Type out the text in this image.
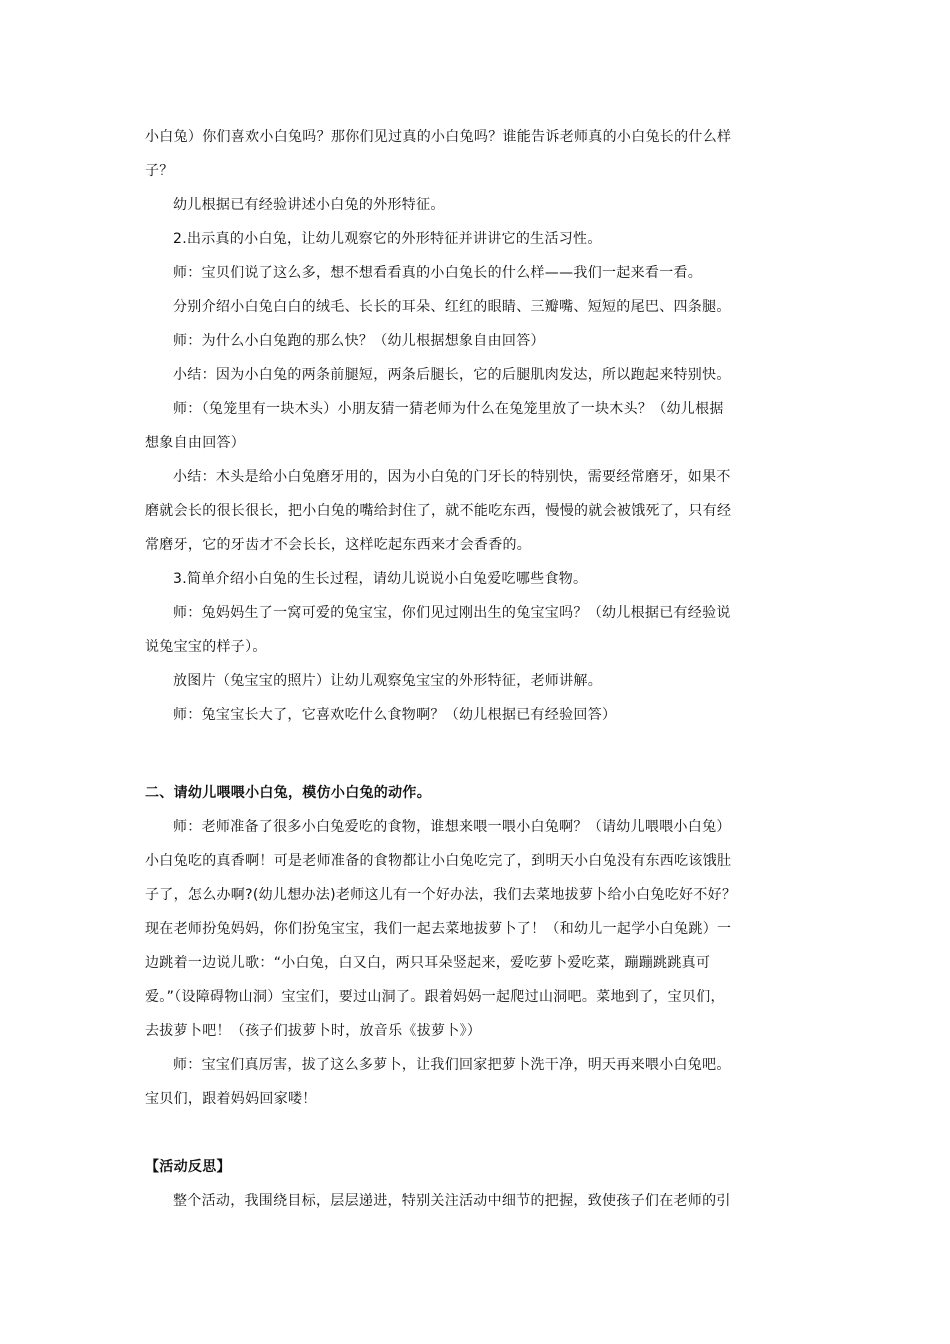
小白兔）你们喜欢小白兔吗？那你们见过真的小白兔吗？谁能告诉老师真的小白兔长的什么样
子？
幼儿根据已有经验讲述小白兔的外形特征。
2.出示真的小白兔，让幼儿观察它的外形特征并讲讲它的生活习性。
师：宝贝们说了这么多，想不想看看真的小白兔长的什么样——我们一起来看一看。
分别介绍小白兔白白的绒毛、长长的耳朵、红红的眼睛、三瓣嘴、短短的尾巴、四条腿。
师：为什么小白兔跑的那么快？（幼儿根据想象自由回答）
小结：因为小白兔的两条前腿短，两条后腿长，它的后腿肌肉发达，所以跑起来特别快。
师：（兔笼里有一块木头）小朋友猜一猜老师为什么在兔笼里放了一块木头？（幼儿根据
想象自由回答）
小结：木头是给小白兔磨牙用的，因为小白兔的门牙长的特别快，需要经常磨牙，如果不
磨就会长的很长很长，把小白兔的嘴给封住了，就不能吃东西，慢慢的就会被饿死了，只有经
常磨牙，它的牙齿才不会长长，这样吃起东西来才会香香的。
3.简单介绍小白兔的生长过程，请幼儿说说小白兔爱吃哪些食物。
师：兔妈妈生了一窝可爱的兔宝宝，你们见过刚出生的兔宝宝吗？（幼儿根据已有经验说
说兔宝宝的样子）。
放图片（兔宝宝的照片）让幼儿观察兔宝宝的外形特征，老师讲解。
师：兔宝宝长大了，它喜欢吃什么食物啊？（幼儿根据已有经验回答）
二、请幼儿喂喂小白兔，模仿小白兔的动作。
师：老师准备了很多小白兔爱吃的食物，谁想来喂一喂小白兔啊？（请幼儿喂喂小白兔）
小白兔吃的真香啊！可是老师准备的食物都让小白兔吃完了，到明天小白兔没有东西吃该饿肚
子了，怎么办啊?(幼儿想办法)老师这儿有一个好办法，我们去菜地拔萝卜给小白兔吃好不好？
现在老师扮兔妈妈，你们扮兔宝宝，我们一起去菜地拔萝卜了！（和幼儿一起学小白兔跳）一
边跳着一边说儿歌：“小白兔，白又白，两只耳朵竖起来，爱吃萝卜爱吃菜，蹦蹦跳跳真可
爱。”（设障碍物山洞）宝宝们，要过山洞了。跟着妈妈一起爬过山洞吧。菜地到了，宝贝们，
去拔萝卜吧！（孩子们拔萝卜时，放音乐《拔萝卜》）
师：宝宝们真厉害，拔了这么多萝卜，让我们回家把萝卜洗干净，明天再来喂小白兔吧。
宝贝们，跟着妈妈回家喽！
【活动反思】
整个活动，我围绕目标，层层递进，特别关注活动中细节的把握，致使孩子们在老师的引
